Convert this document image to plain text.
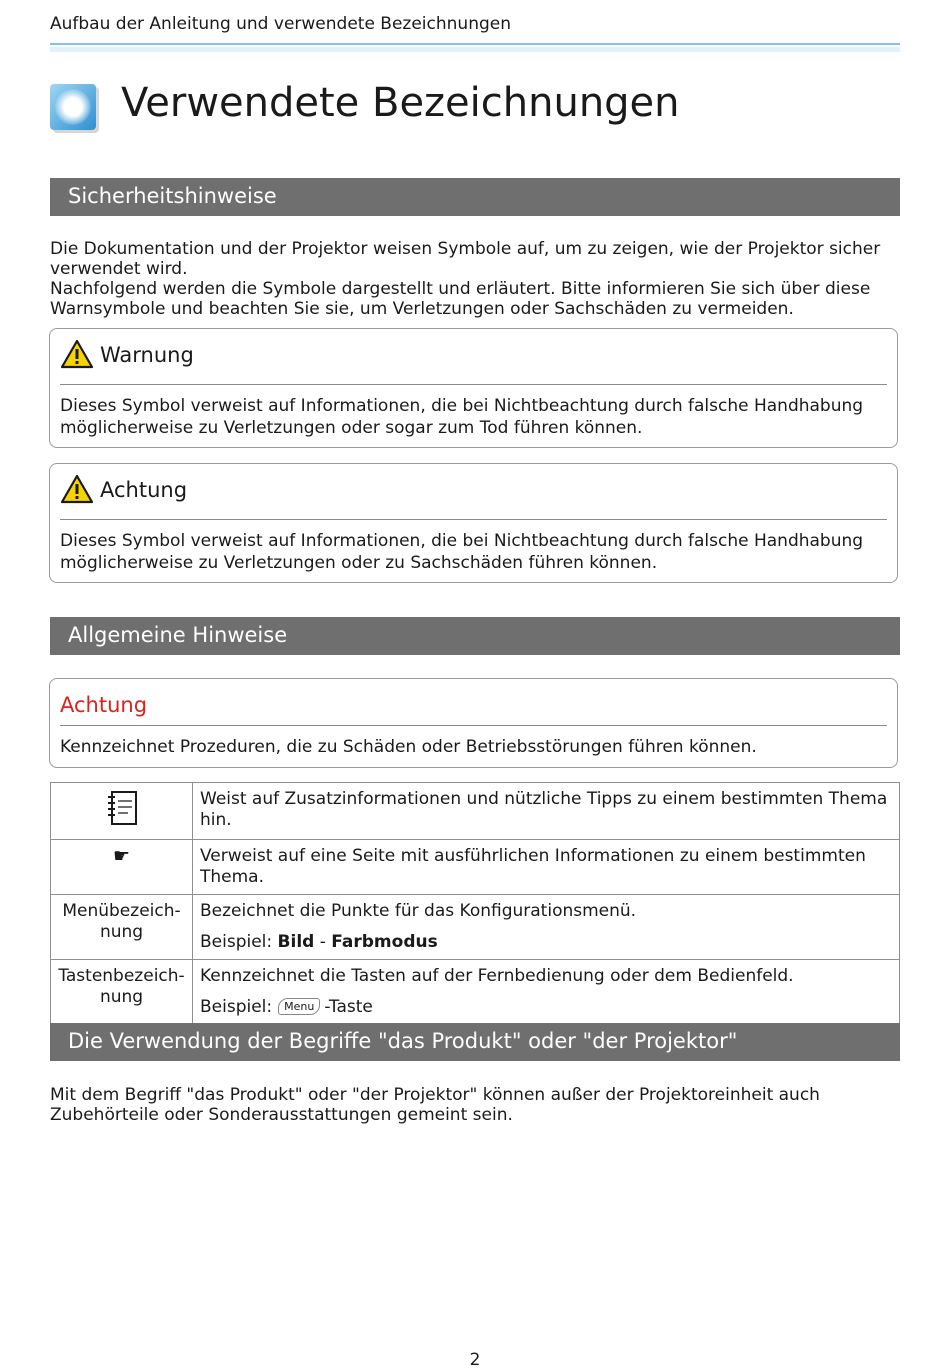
Aufbau der Anleitung und verwendete Bezeichnungen
Verwendete Bezeichnungen
Sicherheitshinweise
Die Dokumentation und der Projektor weisen Symbole auf, um zu zeigen, wie der Projektor sicher verwendet wird.
Nachfolgend werden die Symbole dargestellt und erläutert. Bitte informieren Sie sich über diese Warnsymbole und beachten Sie sie, um Verletzungen oder Sachschäden zu vermeiden.
Warnung
Dieses Symbol verweist auf Informationen, die bei Nichtbeachtung durch falsche Handhabung möglicherweise zu Verletzungen oder sogar zum Tod führen können.
Achtung
Dieses Symbol verweist auf Informationen, die bei Nichtbeachtung durch falsche Handhabung möglicherweise zu Verletzungen oder zu Sachschäden führen können.
Allgemeine Hinweise
Achtung
Kennzeichnet Prozeduren, die zu Schäden oder Betriebsstörungen führen können.
	Weist auf Zusatzinformationen und nützliche Tipps zu einem bestimmten Thema hin.
☛	Verweist auf eine Seite mit ausführlichen Informationen zu einem bestimmten Thema.
Menübezeich-nung	Bezeichnet die Punkte für das Konfigurationsmenü.
Beispiel: Bild - Farbmodus

Tastenbezeich-nung	Kennzeichnet die Tasten auf der Fernbedienung oder dem Bedienfeld.
Beispiel: Menu -Taste
Die Verwendung der Begriffe "das Produkt" oder "der Projektor"
Mit dem Begriff "das Produkt" oder "der Projektor" können außer der Projektoreinheit auch Zubehörteile oder Sonderausstattungen gemeint sein.
2
